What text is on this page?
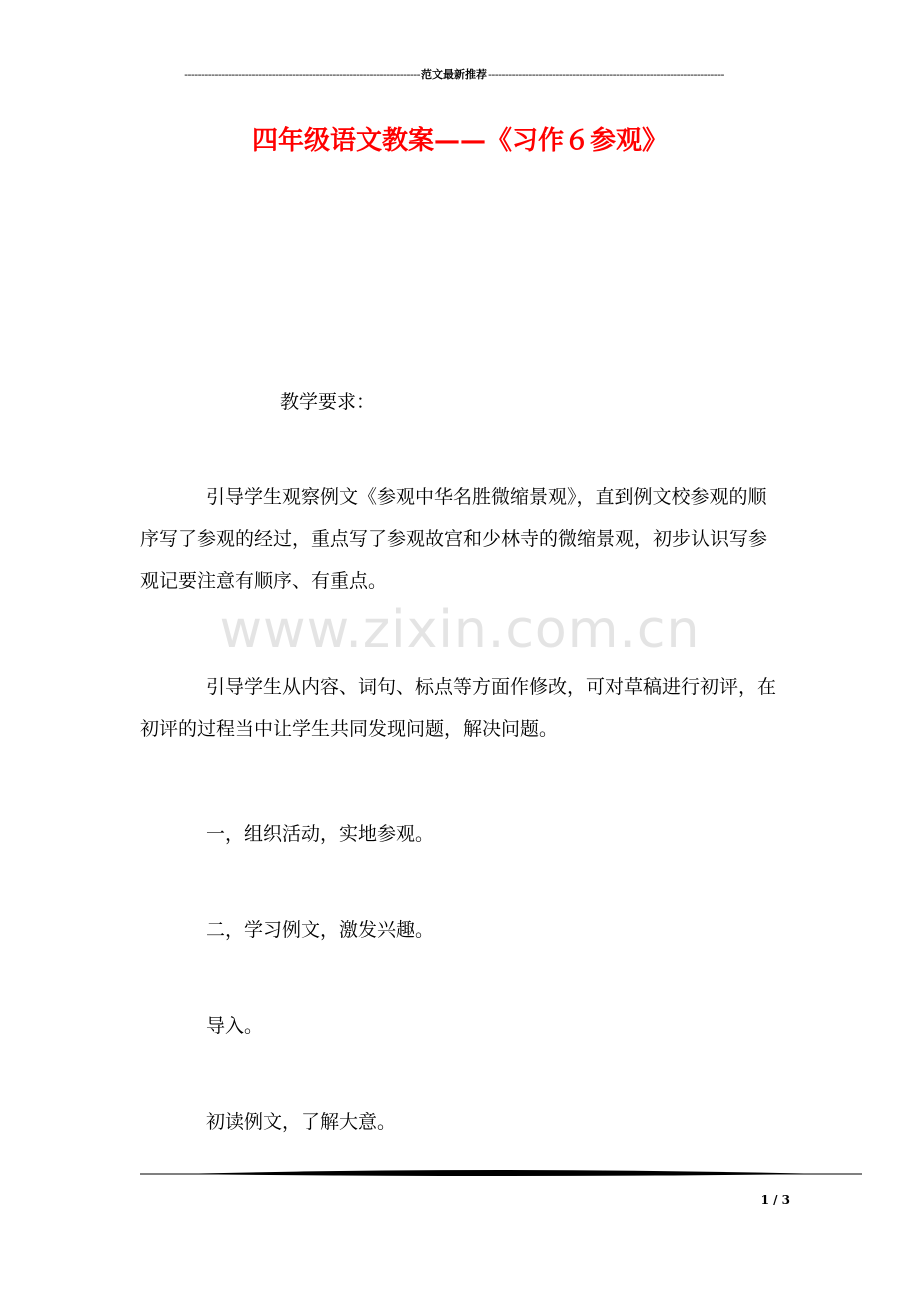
----------------------------------------------------------------------范文最新推荐----------------------------------------------------------------------
四年级语文教案——《习作６参观》
www.zixin.com.cn

教学要求：

引导学生观察例文《参观中华名胜微缩景观》，直到例文校参观的顺序写了参观的经过，重点写了参观故宫和少林寺的微缩景观，初步认识写参观记要注意有顺序、有重点。

引导学生从内容、词句、标点等方面作修改，可对草稿进行初评，在初评的过程当中让学生共同发现问题，解决问题。

一，组织活动，实地参观。

二，学习例文，激发兴趣。

导入。

初读例文，了解大意。

1 / 3
